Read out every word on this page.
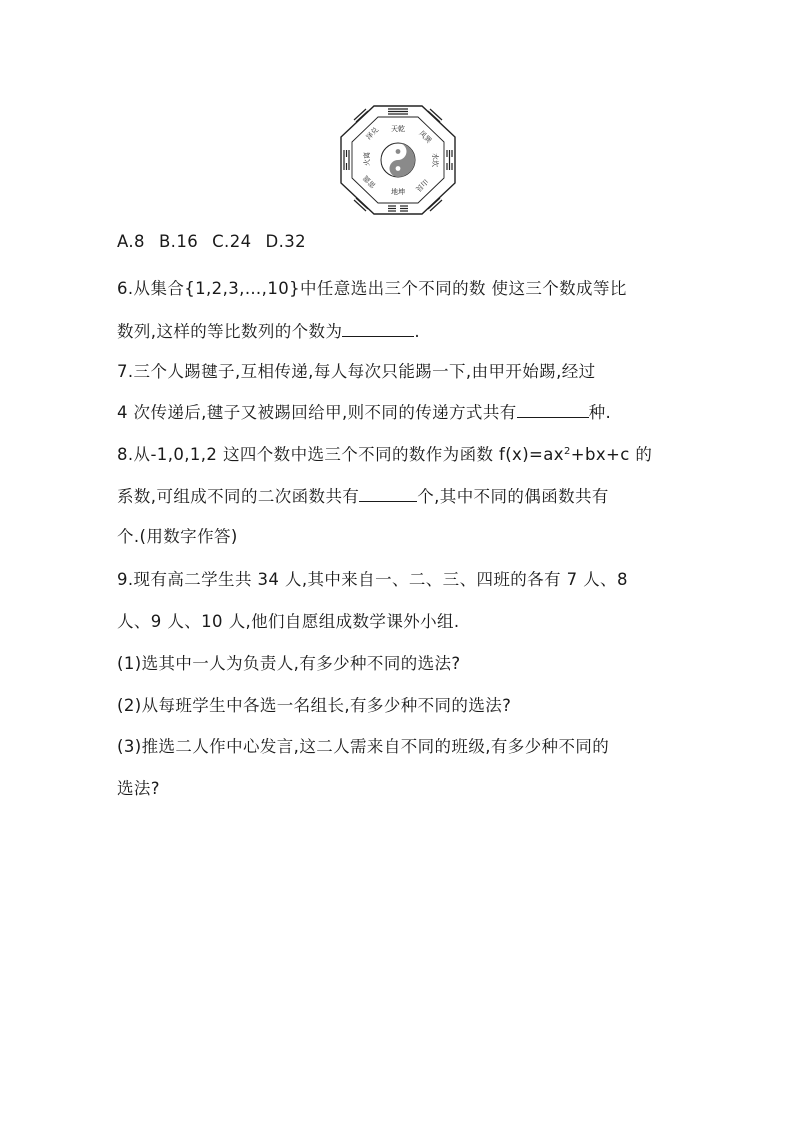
天乾
风巽
水坎
山艮
地坤
雷震
火离
泽兑
A.8 B.16 C.24 D.32
6.从集合{1,2,3,…,10}中任意选出三个不同的数 使这三个数成等比
数列,这样的等比数列的个数为	.
7.三个人踢毽子,互相传递,每人每次只能踢一下,由甲开始踢,经过
4 次传递后,毽子又被踢回给甲,则不同的传递方式共有	种.
8.从-1,0,1,2 这四个数中选三个不同的数作为函数 $f(x)=ax^2+bx+c$ 的
系数,可组成不同的二次函数共有	个,其中不同的偶函数共有
个.(用数字作答)
9.现有高二学生共 34 人,其中来自一、二、三、四班的各有 7 人、8
人、9 人、10 人,他们自愿组成数学课外小组.
(1)选其中一人为负责人,有多少种不同的选法?
(2)从每班学生中各选一名组长,有多少种不同的选法?
(3)推选二人作中心发言,这二人需来自不同的班级,有多少种不同的
选法?
